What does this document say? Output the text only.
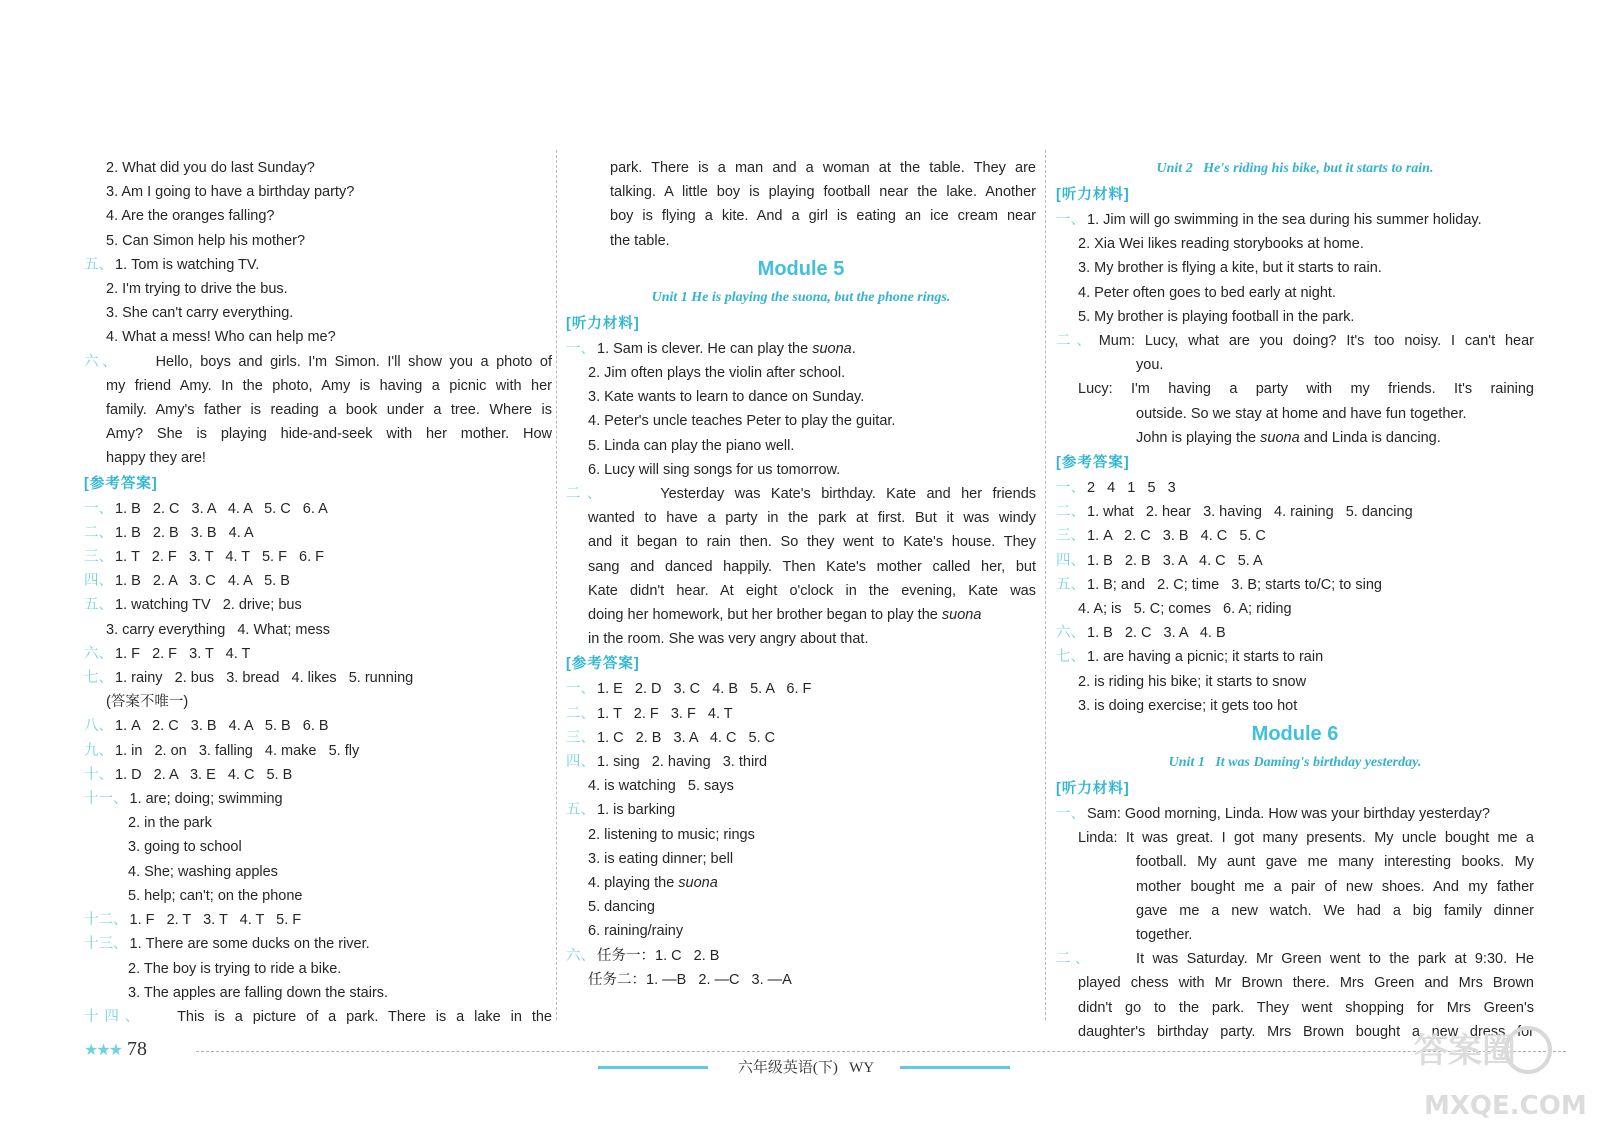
2. What did you do last Sunday?
3. Am I going to have a birthday party?
4. Are the oranges falling?
5. Can Simon help his mother?
五、 1. Tom is watching TV.
2. I'm trying to drive the bus.
3. She can't carry everything.
4. What a mess! Who can help me?
六、 Hello, boys and girls. I'm Simon. I'll show you a photo of
my friend Amy. In the photo, Amy is having a picnic with her
family. Amy's father is reading a book under a tree. Where is
Amy? She is playing hide-and-seek with her mother. How
happy they are!
[参考答案]
一、 1. B   2. C   3. A   4. A   5. C   6. A
二、 1. B   2. B   3. B   4. A
三、 1. T   2. F   3. T   4. T   5. F   6. F
四、 1. B   2. A   3. C   4. A   5. B
五、 1. watching TV   2. drive; bus
3. carry everything   4. What; mess
六、 1. F   2. F   3. T   4. T
七、 1. rainy   2. bus   3. bread   4. likes   5. running
(答案不唯一)
八、 1. A   2. C   3. B   4. A   5. B   6. B
九、 1. in   2. on   3. falling   4. make   5. fly
十、 1. D   2. A   3. E   4. C   5. B
十一、 1. are; doing; swimming
2. in the park
3. going to school
4. She; washing apples
5. help; can't; on the phone
十二、 1. F   2. T   3. T   4. T   5. F
十三、 1. There are some ducks on the river.
2. The boy is trying to ride a bike.
3. The apples are falling down the stairs.
十四、 This is a picture of a park. There is a lake in the
park. There is a man and a woman at the table. They are
talking. A little boy is playing football near the lake. Another
boy is flying a kite. And a girl is eating an ice cream near
the table.
Module 5
Unit 1 He is playing the suona, but the phone rings.
[听力材料]
一、 1. Sam is clever. He can play the suona.
2. Jim often plays the violin after school.
3. Kate wants to learn to dance on Sunday.
4. Peter's uncle teaches Peter to play the guitar.
5. Linda can play the piano well.
6. Lucy will sing songs for us tomorrow.
二、	Yesterday was Kate's birthday. Kate and her friends
wanted to have a party in the park at first. But it was windy
and it began to rain then. So they went to Kate's house. They
sang and danced happily. Then Kate's mother called her, but
Kate didn't hear. At eight o'clock in the evening, Kate was
doing her homework, but her brother began to play the suona
in the room. She was very angry about that.
[参考答案]
一、 1. E   2. D   3. C   4. B   5. A   6. F
二、 1. T   2. F   3. F   4. T
三、 1. C   2. B   3. A   4. C   5. C
四、 1. sing   2. having   3. third
4. is watching   5. says
五、 1. is barking
2. listening to music; rings
3. is eating dinner; bell
4. playing the suona
5. dancing
6. raining/rainy
六、 任务一：1. C   2. B
任务二：1. —B   2. —C   3. —A
Unit 2   He's riding his bike, but it starts to rain.
[听力材料]
一、 1. Jim will go swimming in the sea during his summer holiday.
2. Xia Wei likes reading storybooks at home.
3. My brother is flying a kite, but it starts to rain.
4. Peter often goes to bed early at night.
5. My brother is playing football in the park.
二、 Mum: Lucy, what are you doing? It's too noisy. I can't hear
you.
Lucy: I'm having a party with my friends. It's raining
outside. So we stay at home and have fun together.
John is playing the suona and Linda is dancing.
[参考答案]
一、 2   4   1   5   3
二、 1. what   2. hear   3. having   4. raining   5. dancing
三、 1. A   2. C   3. B   4. C   5. C
四、 1. B   2. B   3. A   4. C   5. A
五、 1. B; and   2. C; time   3. B; starts to/C; to sing
4. A; is   5. C; comes   6. A; riding
六、 1. B   2. C   3. A   4. B
七、 1. are having a picnic; it starts to rain
2. is riding his bike; it starts to snow
3. is doing exercise; it gets too hot
Module 6
Unit 1   It was Daming's birthday yesterday.
[听力材料]
一、 Sam: Good morning, Linda. How was your birthday yesterday?
Linda: It was great. I got many presents. My uncle bought me a
football. My aunt gave me many interesting books. My
mother bought me a pair of new shoes. And my father
gave me a new watch. We had a big family dinner
together.
二、	It was Saturday. Mr Green went to the park at 9:30. He
played chess with Mr Brown there. Mrs Green and Mrs Brown
didn't go to the park. They went shopping for Mrs Green's
daughter's birthday party. Mrs Brown bought a new dress for
★★★ 78
六年级英语(下)   WY	答案圈
MXQE.COM
